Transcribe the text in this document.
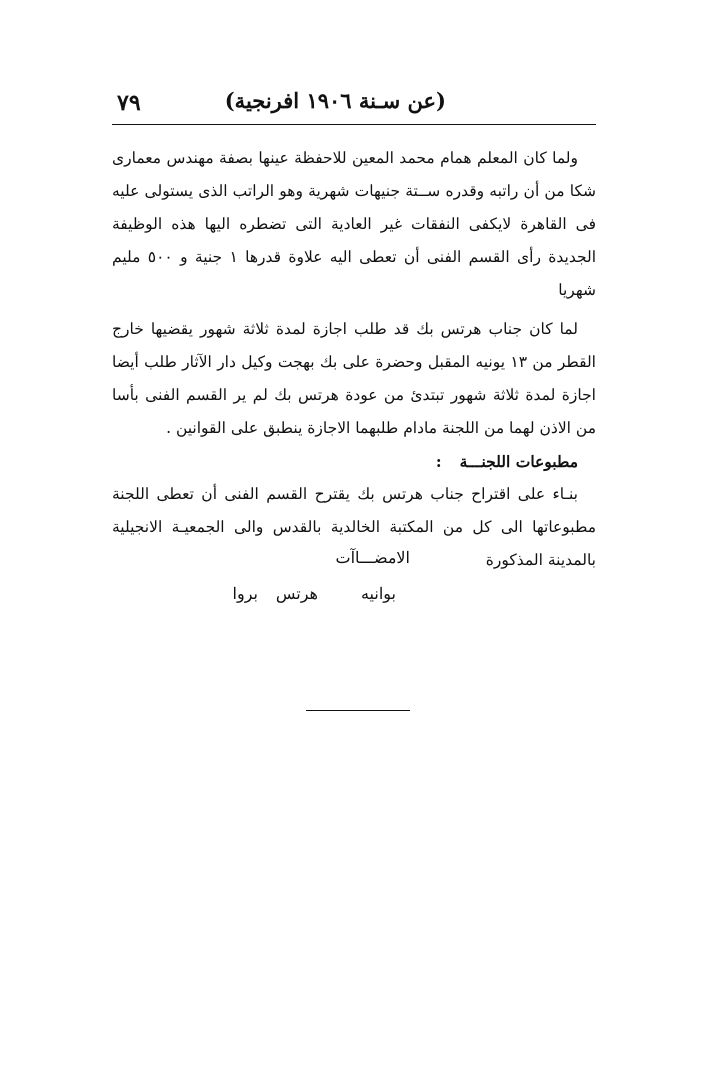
(عن سـنة ١٩٠٦ افرنجية)
٧٩

ولما كان المعلم همام محمد المعين للاحفظة عينها بصفة مهندس معمارى شكا من أن راتبه وقدره ســتة جنيهات شهرية وهو الراتب الذى يستولى عليه فى القاهرة لايكفى النفقات غير العادية التى تضطره اليها هذه الوظيفة الجديدة رأى القسم الفنى أن تعطى اليه علاوة قدرها ١ جنية و ٥٠٠ مليم شهريا

لما كان جناب هرتس بك قد طلب اجازة لمدة ثلاثة شهور يقضيها خارج القطر من ١٣ يونيه المقبل وحضرة على بك بهجت وكيل دار الآثار طلب أيضا اجازة لمدة ثلاثة شهور تبتدئ من عودة هرتس بك لم ير القسم الفنى بأسا من الاذن لهما من اللجنة مادام طلبهما الاجازة ينطبق على القوانين .

مطبوعات اللجنـــة:

بنـاء على اقتراح جناب هرتس بك يقترح القسم الفنى أن تعطى اللجنة مطبوعاتها الى كل من المكتبة الخالدية بالقدس والى الجمعيـة الانجيلية بالمدينة المذكورة

الامضـــاآت
بوانيه
هرتس
بروا
